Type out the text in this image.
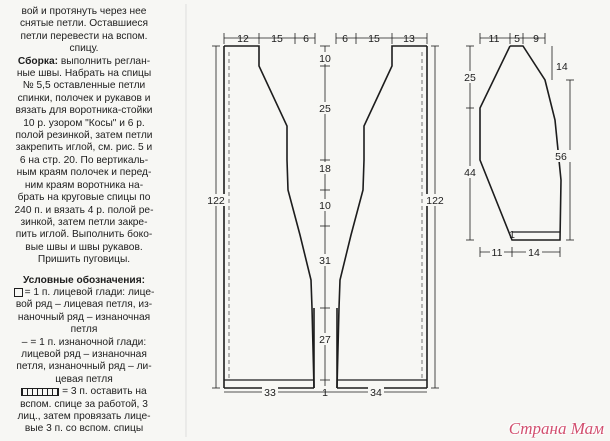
вой и протянуть через нее

снятые петли. Оставшиеся

петли перевести на вспом.

спицу.

Сборка: выполнить реглан-

ные швы. Набрать на спицы

№ 5,5 оставленные петли

спинки, полочек и рукавов и

вязать для воротника-стойки

10 р. узором "Косы" и 6 р.

полой резинкой, затем петли

закрепить иглой, см. рис. 5 и

6 на стр. 20. По вертикаль-

ным краям полочек и перед-

ним краям воротника на-

брать на круговые спицы по

240 п. и вязать 4 р. полой ре-

зинкой, затем петли закре-

пить иглой. Выполнить боко-

вые швы и швы рукавов.

Пришить пуговицы.

Условные обозначения:

= 1 п. лицевой глади: лице-

вой ряд – лицевая петля, из-

наночный ряд – изнаночная

петля

– = 1 п. изнаночной глади:

лицевой ряд – изнаночная

петля, изнаночный ряд – ли-

цевая петля

= 3 п. оставить на

вспом. спице за работой, 3

лиц., затем провязать лице-

вые 3 п. со вспом. спицы

12 15 6	6 15 13
10
25
18
10
31
27
1
122	122
33	34
11 5 9
25
44
14
56
14
11
1
Страна Мам
